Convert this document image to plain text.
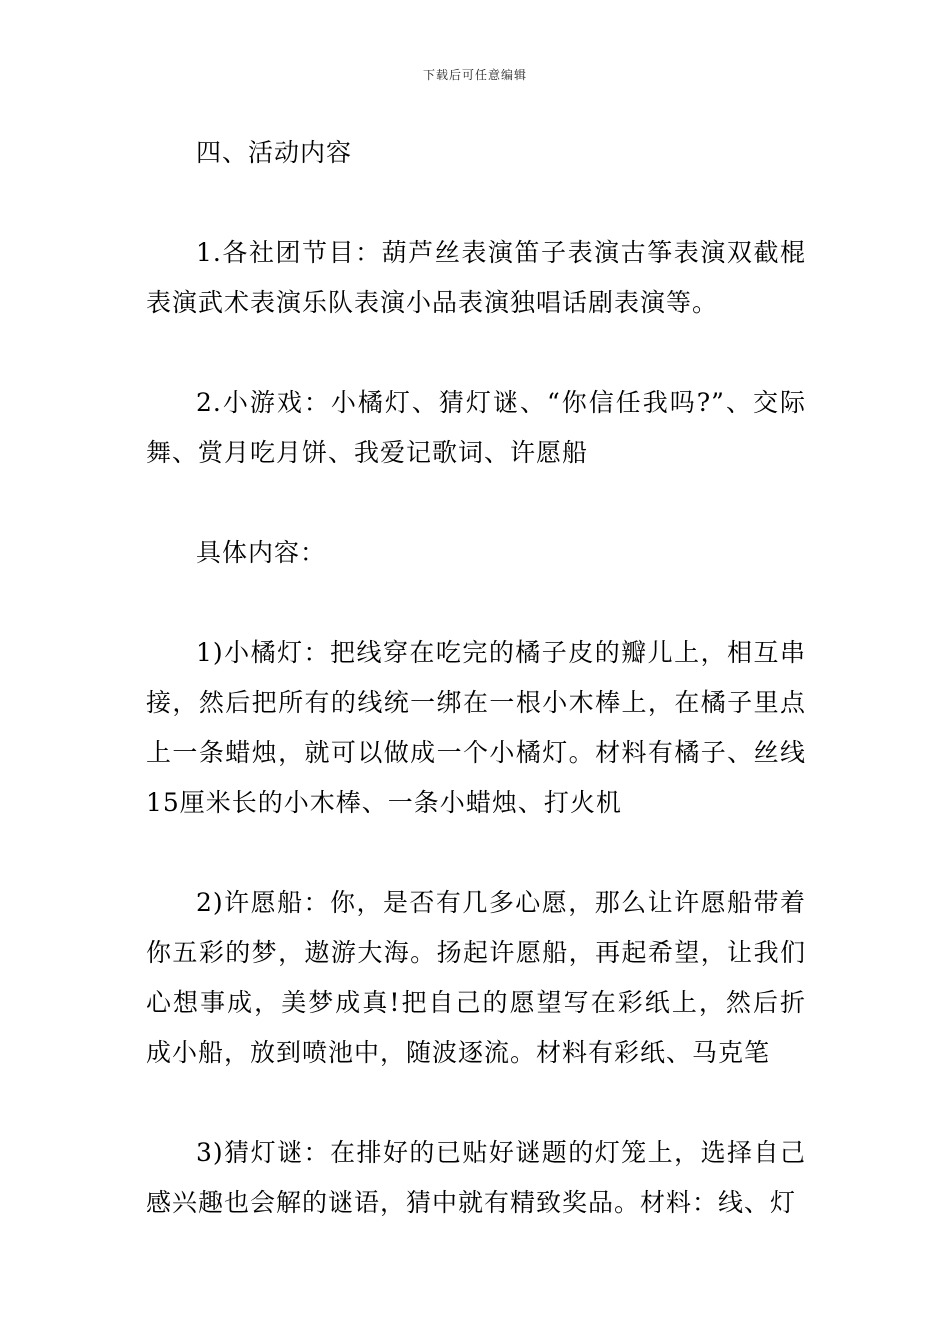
下载后可任意编辑

四、活动内容

1.各社团节目：葫芦丝表演笛子表演古筝表演双截棍表演武术表演乐队表演小品表演独唱话剧表演等。

2.小游戏：小橘灯、猜灯谜、“你信任我吗?”、交际舞、赏月吃月饼、我爱记歌词、许愿船

具体内容：

1)小橘灯：把线穿在吃完的橘子皮的瓣儿上，相互串接，然后把所有的线统一绑在一根小木棒上，在橘子里点上一条蜡烛，就可以做成一个小橘灯。材料有橘子、丝线15厘米长的小木棒、一条小蜡烛、打火机

2)许愿船：你，是否有几多心愿，那么让许愿船带着你五彩的梦，遨游大海。扬起许愿船，再起希望，让我们心想事成，美梦成真!把自己的愿望写在彩纸上，然后折成小船，放到喷池中，随波逐流。材料有彩纸、马克笔

3)猜灯谜：在排好的已贴好谜题的灯笼上，选择自己感兴趣也会解的谜语，猜中就有精致奖品。材料：线、灯
